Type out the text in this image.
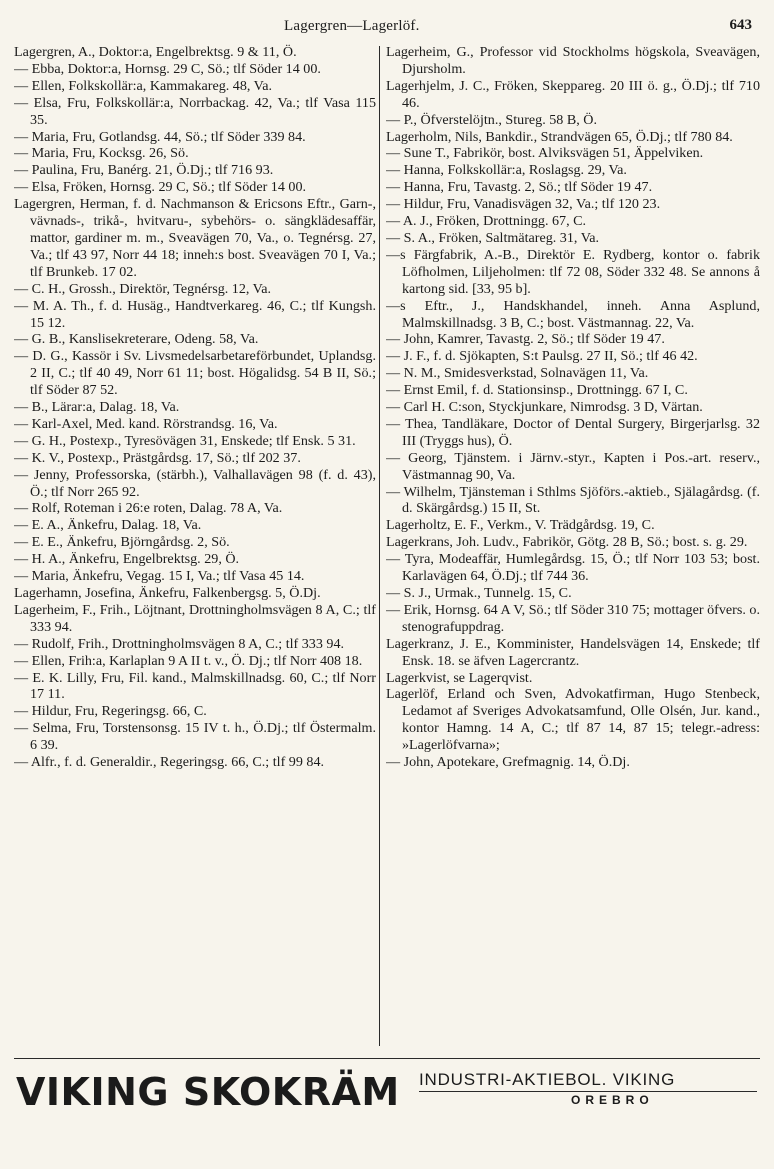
Lagergren—Lagerlöf.	643

Lagergren, A., Doktor:a, Engelbrektsg. 9 & 11, Ö.

— Ebba, Doktor:a, Hornsg. 29 C, Sö.; tlf Söder 14 00.

— Ellen, Folkskollär:a, Kammakareg. 48, Va.

— Elsa, Fru, Folkskollär:a, Norrbackag. 42, Va.; tlf Vasa 115 35.

— Maria, Fru, Gotlandsg. 44, Sö.; tlf Söder 339 84.

— Maria, Fru, Kocksg. 26, Sö.

— Paulina, Fru, Banérg. 21, Ö.Dj.; tlf 716 93.

— Elsa, Fröken, Hornsg. 29 C, Sö.; tlf Söder 14 00.

Lagergren, Herman, f. d. Nachmanson & Ericsons Eftr., Garn-, vävnads-, trikå-, hvitvaru-, sybehörs- o. sängklädesaffär, mattor, gardiner m. m., Sveavägen 70, Va., o. Tegnérsg. 27, Va.; tlf 43 97, Norr 44 18; inneh:s bost. Sveavägen 70 I, Va.; tlf Brunkeb. 17 02.

— C. H., Grossh., Direktör, Tegnérsg. 12, Va.

— M. A. Th., f. d. Husäg., Handtverkareg. 46, C.; tlf Kungsh. 15 12.

— G. B., Kanslisekreterare, Odeng. 58, Va.

— D. G., Kassör i Sv. Livsmedelsarbetareförbundet, Uplandsg. 2 II, C.; tlf 40 49, Norr 61 11; bost. Högalidsg. 54 B II, Sö.; tlf Söder 87 52.

— B., Lärar:a, Dalag. 18, Va.

— Karl-Axel, Med. kand. Rörstrandsg. 16, Va.

— G. H., Postexp., Tyresövägen 31, Enskede; tlf Ensk. 5 31.

— K. V., Postexp., Prästgårdsg. 17, Sö.; tlf 202 37.

— Jenny, Professorska, (stärbh.), Valhallavägen 98 (f. d. 43), Ö.; tlf Norr 265 92.

— Rolf, Roteman i 26:e roten, Dalag. 78 A, Va.

— E. A., Änkefru, Dalag. 18, Va.

— E. E., Änkefru, Björngårdsg. 2, Sö.

— H. A., Änkefru, Engelbrektsg. 29, Ö.

— Maria, Änkefru, Vegag. 15 I, Va.; tlf Vasa 45 14.

Lagerhamn, Josefina, Änkefru, Falkenbergsg. 5, Ö.Dj.

Lagerheim, F., Frih., Löjtnant, Drottningholmsvägen 8 A, C.; tlf 333 94.

— Rudolf, Frih., Drottningholmsvägen 8 A, C.; tlf 333 94.

— Ellen, Frih:a, Karlaplan 9 A II t. v., Ö. Dj.; tlf Norr 408 18.

— E. K. Lilly, Fru, Fil. kand., Malmskillnadsg. 60, C.; tlf Norr 17 11.

— Hildur, Fru, Regeringsg. 66, C.

— Selma, Fru, Torstensonsg. 15 IV t. h., Ö.Dj.; tlf Östermalm. 6 39.

— Alfr., f. d. Generaldir., Regeringsg. 66, C.; tlf 99 84.

Lagerheim, G., Professor vid Stockholms högskola, Sveavägen, Djursholm.

Lagerhjelm, J. C., Fröken, Skeppareg. 20 III ö. g., Ö.Dj.; tlf 710 46.

— P., Öfverstelöjtn., Stureg. 58 B, Ö.

Lagerholm, Nils, Bankdir., Strandvägen 65, Ö.Dj.; tlf 780 84.

— Sune T., Fabrikör, bost. Alviksvägen 51, Äppelviken.

— Hanna, Folkskollär:a, Roslagsg. 29, Va.

— Hanna, Fru, Tavastg. 2, Sö.; tlf Söder 19 47.

— Hildur, Fru, Vanadisvägen 32, Va.; tlf 120 23.

— A. J., Fröken, Drottningg. 67, C.

— S. A., Fröken, Saltmätareg. 31, Va.

—s Färgfabrik, A.-B., Direktör E. Rydberg, kontor o. fabrik Löfholmen, Liljeholmen: tlf 72 08, Söder 332 48. Se annons å kartong sid. [33, 95 b].

—s Eftr., J., Handskhandel, inneh. Anna Asplund, Malmskillnadsg. 3 B, C.; bost. Västmannag. 22, Va.

— John, Kamrer, Tavastg. 2, Sö.; tlf Söder 19 47.

— J. F., f. d. Sjökapten, S:t Paulsg. 27 II, Sö.; tlf 46 42.

— N. M., Smidesverkstad, Solnavägen 11, Va.

— Ernst Emil, f. d. Stationsinsp., Drottningg. 67 I, C.

— Carl H. C:son, Styckjunkare, Nimrodsg. 3 D, Värtan.

— Thea, Tandläkare, Doctor of Dental Surgery, Birgerjarlsg. 32 III (Tryggs hus), Ö.

— Georg, Tjänstem. i Järnv.-styr., Kapten i Pos.-art. reserv., Västmannag 90, Va.

— Wilhelm, Tjänsteman i Sthlms Sjöförs.-aktieb., Själagårdsg. (f. d. Skärgårdsg.) 15 II, St.

Lagerholtz, E. F., Verkm., V. Trädgårdsg. 19, C.

Lagerkrans, Joh. Ludv., Fabrikör, Götg. 28 B, Sö.; bost. s. g. 29.

— Tyra, Modeaffär, Humlegårdsg. 15, Ö.; tlf Norr 103 53; bost. Karlavägen 64, Ö.Dj.; tlf 744 36.

— S. J., Urmak., Tunnelg. 15, C.

— Erik, Hornsg. 64 A V, Sö.; tlf Söder 310 75; mottager öfvers. o. stenografuppdrag.

Lagerkranz, J. E., Komminister, Handelsvägen 14, Enskede; tlf Ensk. 18. se äfven Lagercrantz.

Lagerkvist, se Lagerqvist.

Lagerlöf, Erland och Sven, Advokatfirman, Hugo Stenbeck, Ledamot af Sveriges Advokatsamfund, Olle Olsén, Jur. kand., kontor Hamng. 14 A, C.; tlf 87 14, 87 15; telegr.-adress: »Lagerlöfvarna»;

— John, Apotekare, Grefmagnig. 14, Ö.Dj.

VIKING SKOKRÄM INDUSTRI-AKTIEBOL. VIKING
OREBRO
